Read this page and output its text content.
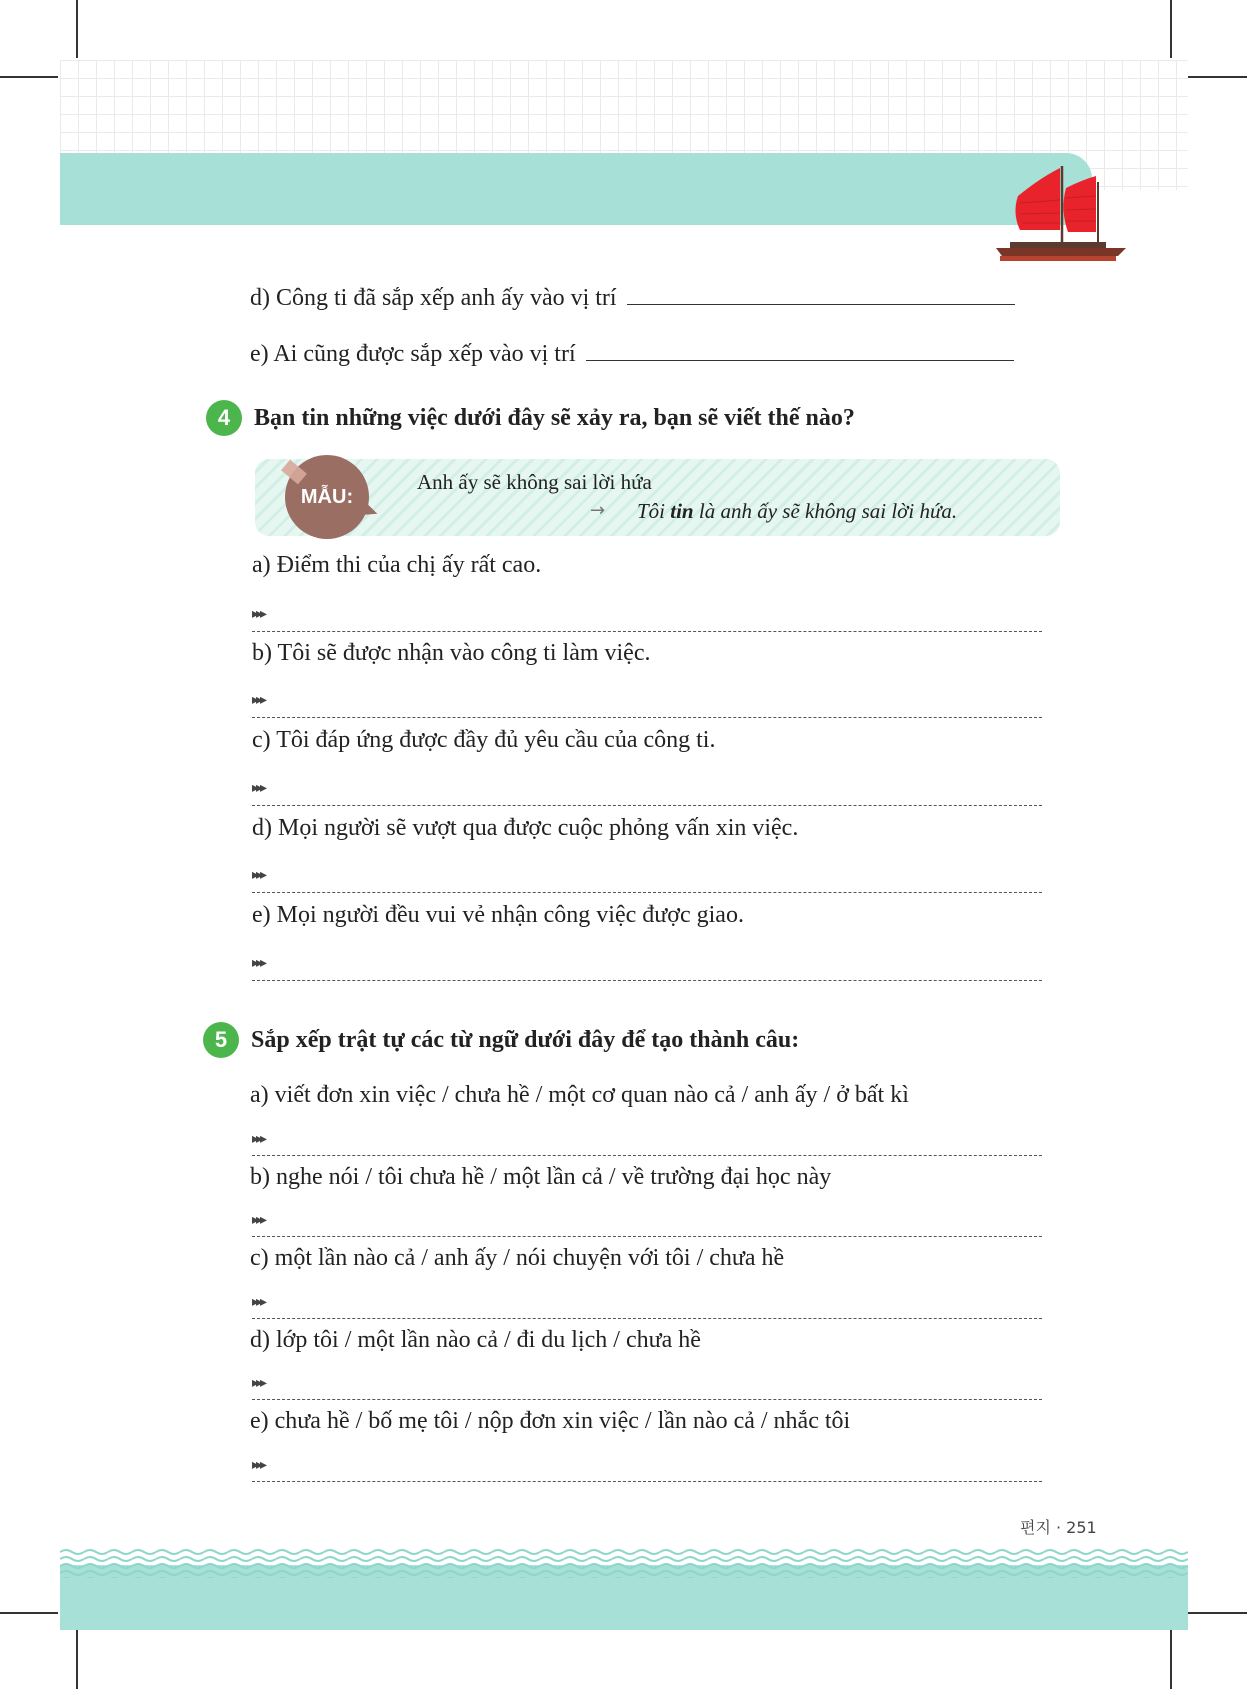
d) Công ti đã sắp xếp anh ấy vào vị trí
e) Ai cũng được sắp xếp vào vị trí
4 Bạn tin những việc dưới đây sẽ xảy ra, bạn sẽ viết thế nào?
MẪU:
Anh ấy sẽ không sai lời hứa
→ Tôi tin là anh ấy sẽ không sai lời hứa.
a) Điểm thi của chị ấy rất cao.
▸▸▸
b) Tôi sẽ được nhận vào công ti làm việc.
▸▸▸
c) Tôi đáp ứng được đầy đủ yêu cầu của công ti.
▸▸▸
d) Mọi người sẽ vượt qua được cuộc phỏng vấn xin việc.
▸▸▸
e) Mọi người đều vui vẻ nhận công việc được giao.
▸▸▸
5 Sắp xếp trật tự các từ ngữ dưới đây để tạo thành câu:
a) viết đơn xin việc / chưa hề / một cơ quan nào cả / anh ấy / ở bất kì
▸▸▸
b) nghe nói / tôi chưa hề / một lần cả / về trường đại học này
▸▸▸
c) một lần nào cả / anh ấy / nói chuyện với tôi / chưa hề
▸▸▸
d) lớp tôi / một lần nào cả / đi du lịch / chưa hề
▸▸▸
e) chưa hề / bố mẹ tôi / nộp đơn xin việc / lần nào cả / nhắc tôi
▸▸▸
편지 · 251
